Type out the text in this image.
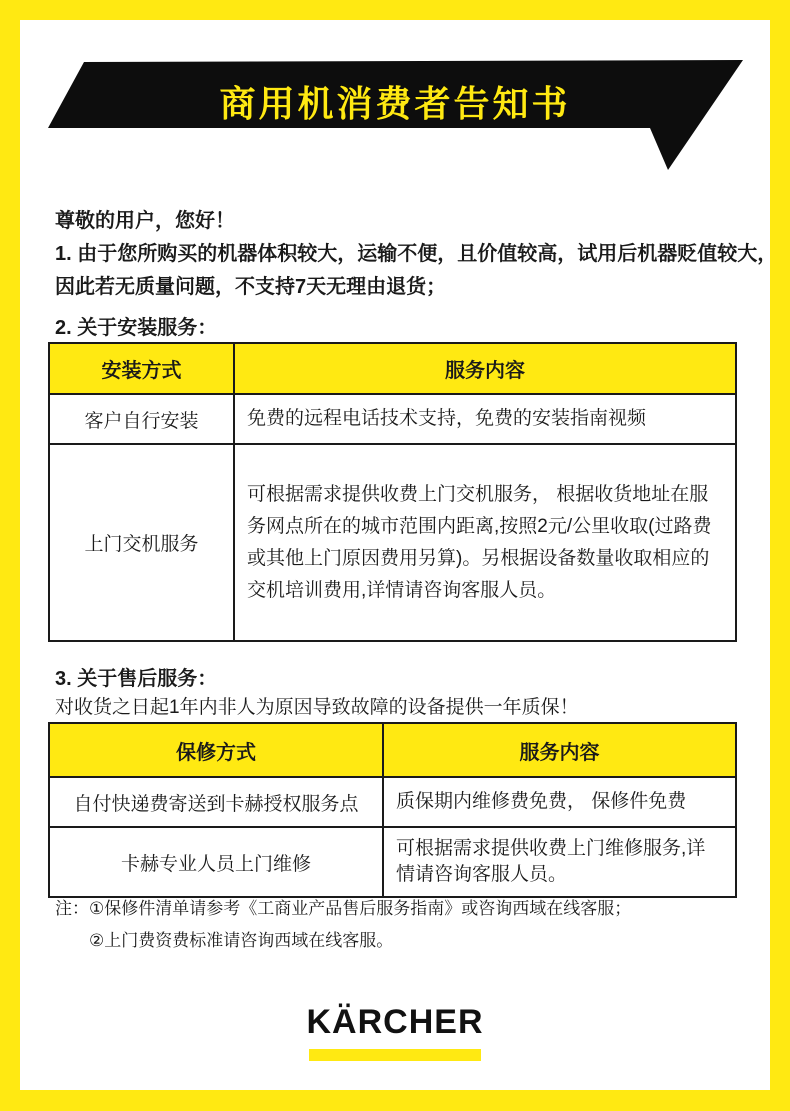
商用机消费者告知书
尊敬的用户，您好！
1. 由于您所购买的机器体积较大，运输不便，且价值较高，试用后机器贬值较大，
因此若无质量问题，不支持7天无理由退货；
2. 关于安装服务：
安装方式	服务内容
客户自行安装	免费的远程电话技术支持，免费的安装指南视频
上门交机服务	可根据需求提供收费上门交机服务， 根据收货地址在服务网点所在的城市范围内距离,按照2元/公里收取(过路费或其他上门原因费用另算)。另根据设备数量收取相应的交机培训费用,详情请咨询客服人员。
3. 关于售后服务：
对收货之日起1年内非人为原因导致故障的设备提供一年质保！
保修方式	服务内容
自付快递费寄送到卡赫授权服务点	质保期内维修费免费， 保修件免费
卡赫专业人员上门维修	可根据需求提供收费上门维修服务,详情请咨询客服人员。
注： ①保修件清单请参考《工商业产品售后服务指南》或咨询西域在线客服；
②上门费资费标准请咨询西域在线客服。
KÄRCHER
